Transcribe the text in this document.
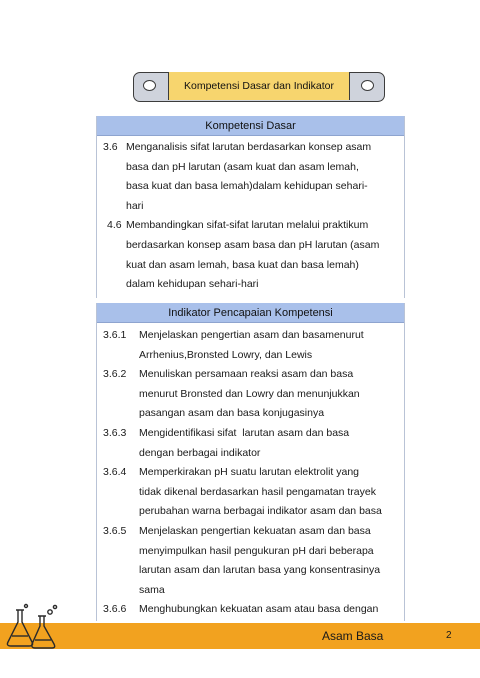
Kompetensi Dasar dan Indikator
Kompetensi Dasar
3.6 Menganalisis sifat larutan berdasarkan konsep asam
basa dan pH larutan (asam kuat dan asam lemah,
basa kuat dan basa lemah)dalam kehidupan sehari-
hari
4.6 Membandingkan sifat-sifat larutan melalui praktikum
berdasarkan konsep asam basa dan pH larutan (asam
kuat dan asam lemah, basa kuat dan basa lemah)
dalam kehidupan sehari-hari
Indikator Pencapaian Kompetensi
3.6.1 Menjelaskan pengertian asam dan basamenurut
Arrhenius,Bronsted Lowry, dan Lewis
3.6.2 Menuliskan persamaan reaksi asam dan basa
menurut Bronsted dan Lowry dan menunjukkan
pasangan asam dan basa konjugasinya
3.6.3 Mengidentifikasi sifat  larutan asam dan basa
dengan berbagai indikator
3.6.4 Memperkirakan pH suatu larutan elektrolit yang
tidak dikenal berdasarkan hasil pengamatan trayek
perubahan warna berbagai indikator asam dan basa
3.6.5 Menjelaskan pengertian kekuatan asam dan basa
menyimpulkan hasil pengukuran pH dari beberapa
larutan asam dan larutan basa yang konsentrasinya
sama
3.6.6 Menghubungkan kekuatan asam atau basa dengan
Asam Basa	2
